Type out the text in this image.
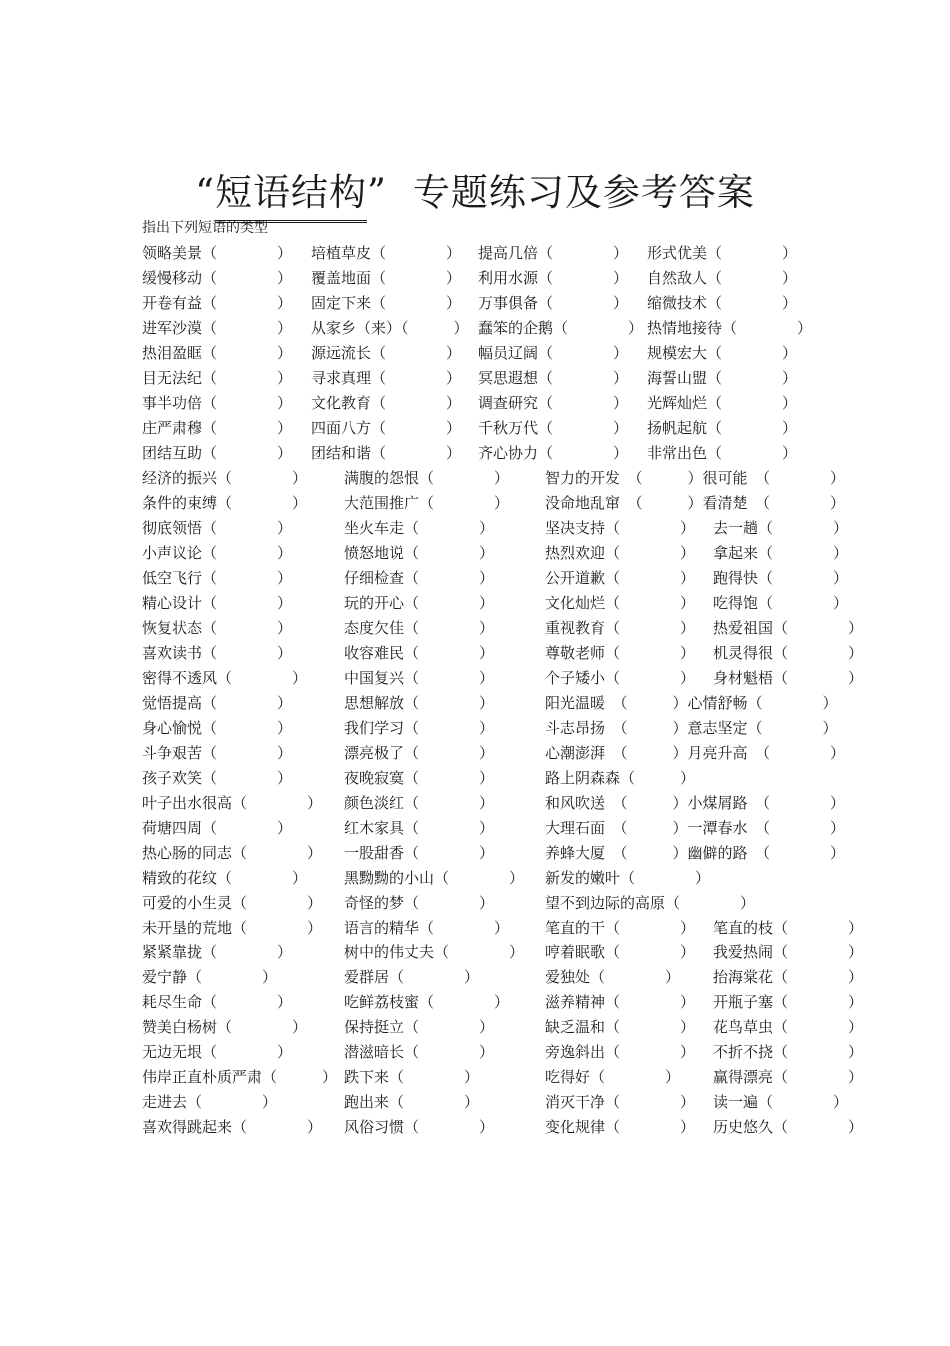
“短语结构” 专题练习及参考答案
指出下列短语的类型
领略美景（　　　　） 培植草皮（　　　　） 提高几倍（　　　　） 形式优美（　　　　）
缓慢移动（　　　　） 覆盖地面（　　　　） 利用水源（　　　　） 自然敌人（　　　　）
开卷有益（　　　　） 固定下来（　　　　） 万事俱备（　　　　） 缩微技术（　　　　）
进军沙漠（　　　　） 从家乡（来）（　　　） 蠢笨的企鹅（　　　　） 热情地接待（　　　　）
热泪盈眶（　　　　） 源远流长（　　　　） 幅员辽阔（　　　　） 规模宏大（　　　　）
目无法纪（　　　　） 寻求真理（　　　　） 冥思遐想（　　　　） 海誓山盟（　　　　）
事半功倍（　　　　） 文化教育（　　　　） 调查研究（　　　　） 光辉灿烂（　　　　）
庄严肃穆（　　　　） 四面八方（　　　　） 千秋万代（　　　　） 扬帆起航（　　　　）
团结互助（　　　　） 团结和谐（　　　　） 齐心协力（　　　　） 非常出色（　　　　）
经济的振兴（　　　　） 满腹的怨恨（　　　　） 智力的开发　（　　　）很可能　（　　　　）
条件的束缚（　　　　） 大范围推广（　　　　） 没命地乱窜　（　　　）看清楚　（　　　　）
彻底领悟（　　　　）	坐火车走（　　　　）	坚决支持（　　　　） 去一趟（　　　　）
小声议论（　　　　）	愤怒地说（　　　　）	热烈欢迎（　　　　） 拿起来（　　　　）
低空飞行（　　　　）	仔细检查（　　　　）	公开道歉（　　　　） 跑得快（　　　　）
精心设计（　　　　）	玩的开心（　　　　）	文化灿烂（　　　　） 吃得饱（　　　　）
恢复状态（　　　　）	态度欠佳（　　　　）	重视教育（　　　　） 热爱祖国（　　　　）
喜欢读书（　　　　）	收容难民（　　　　）	尊敬老师（　　　　） 机灵得很（　　　　）
密得不透风（　　　　） 中国复兴（　　　　）	个子矮小（　　　　） 身材魁梧（　　　　）
觉悟提高（　　　　）	思想解放（　　　　）	阳光温暖　（　　　）心情舒畅（　　　　）
身心愉悦（　　　　）	我们学习（　　　　）	斗志昂扬　（　　　）意志坚定（　　　　）
斗争艰苦（　　　　）	漂亮极了（　　　　）	心潮澎湃　（　　　）月亮升高　（　　　　）
孩子欢笑（　　　　）	夜晚寂寞（　　　　）	路上阴森森（　　　）
叶子出水很高（　　　　） 颜色淡红（　　　　）	和风吹送　（　　　）小煤屑路　（　　　　）
荷塘四周（　　　　）	红木家具（　　　　）	大理石面　（　　　）一潭春水　（　　　　）
热心肠的同志（　　　　） 一股甜香（　　　　）	养蜂大厦　（　　　）幽僻的路　（　　　　）
精致的花纹（　　　　） 黑黝黝的小山（　　　　） 新发的嫩叶（　　　　）
可爱的小生灵（　　　　） 奇怪的梦（　　　　）	望不到边际的高原（　　　　）
未开垦的荒地（　　　　） 语言的精华（　　　　） 笔直的干（　　　　） 笔直的枝（　　　　）
紧紧靠拢（　　　　）	树中的伟丈夫（　　　　） 哼着眠歌（　　　　） 我爱热闹（　　　　）
爱宁静（　　　　）	爱群居（　　　　）	爱独处（　　　　） 抬海棠花（　　　　）
耗尽生命（　　　　）	吃鲜荔枝蜜（　　　　） 滋养精神（　　　　） 开瓶子塞（　　　　）
赞美白杨树（　　　　） 保持挺立（　　　　）	缺乏温和（　　　　） 花鸟草虫（　　　　）
无边无垠（　　　　）	潜滋暗长（　　　　）	旁逸斜出（　　　　） 不折不挠（　　　　）
伟岸正直朴质严肃（　　　） 跌下来（　　　　）	吃得好（　　　　） 赢得漂亮（　　　　）
走进去（　　　　）	跑出来（　　　　）	消灭干净（　　　　） 读一遍（　　　　）
喜欢得跳起来（　　　　） 风俗习惯（　　　　）	变化规律（　　　　） 历史悠久（　　　　）
